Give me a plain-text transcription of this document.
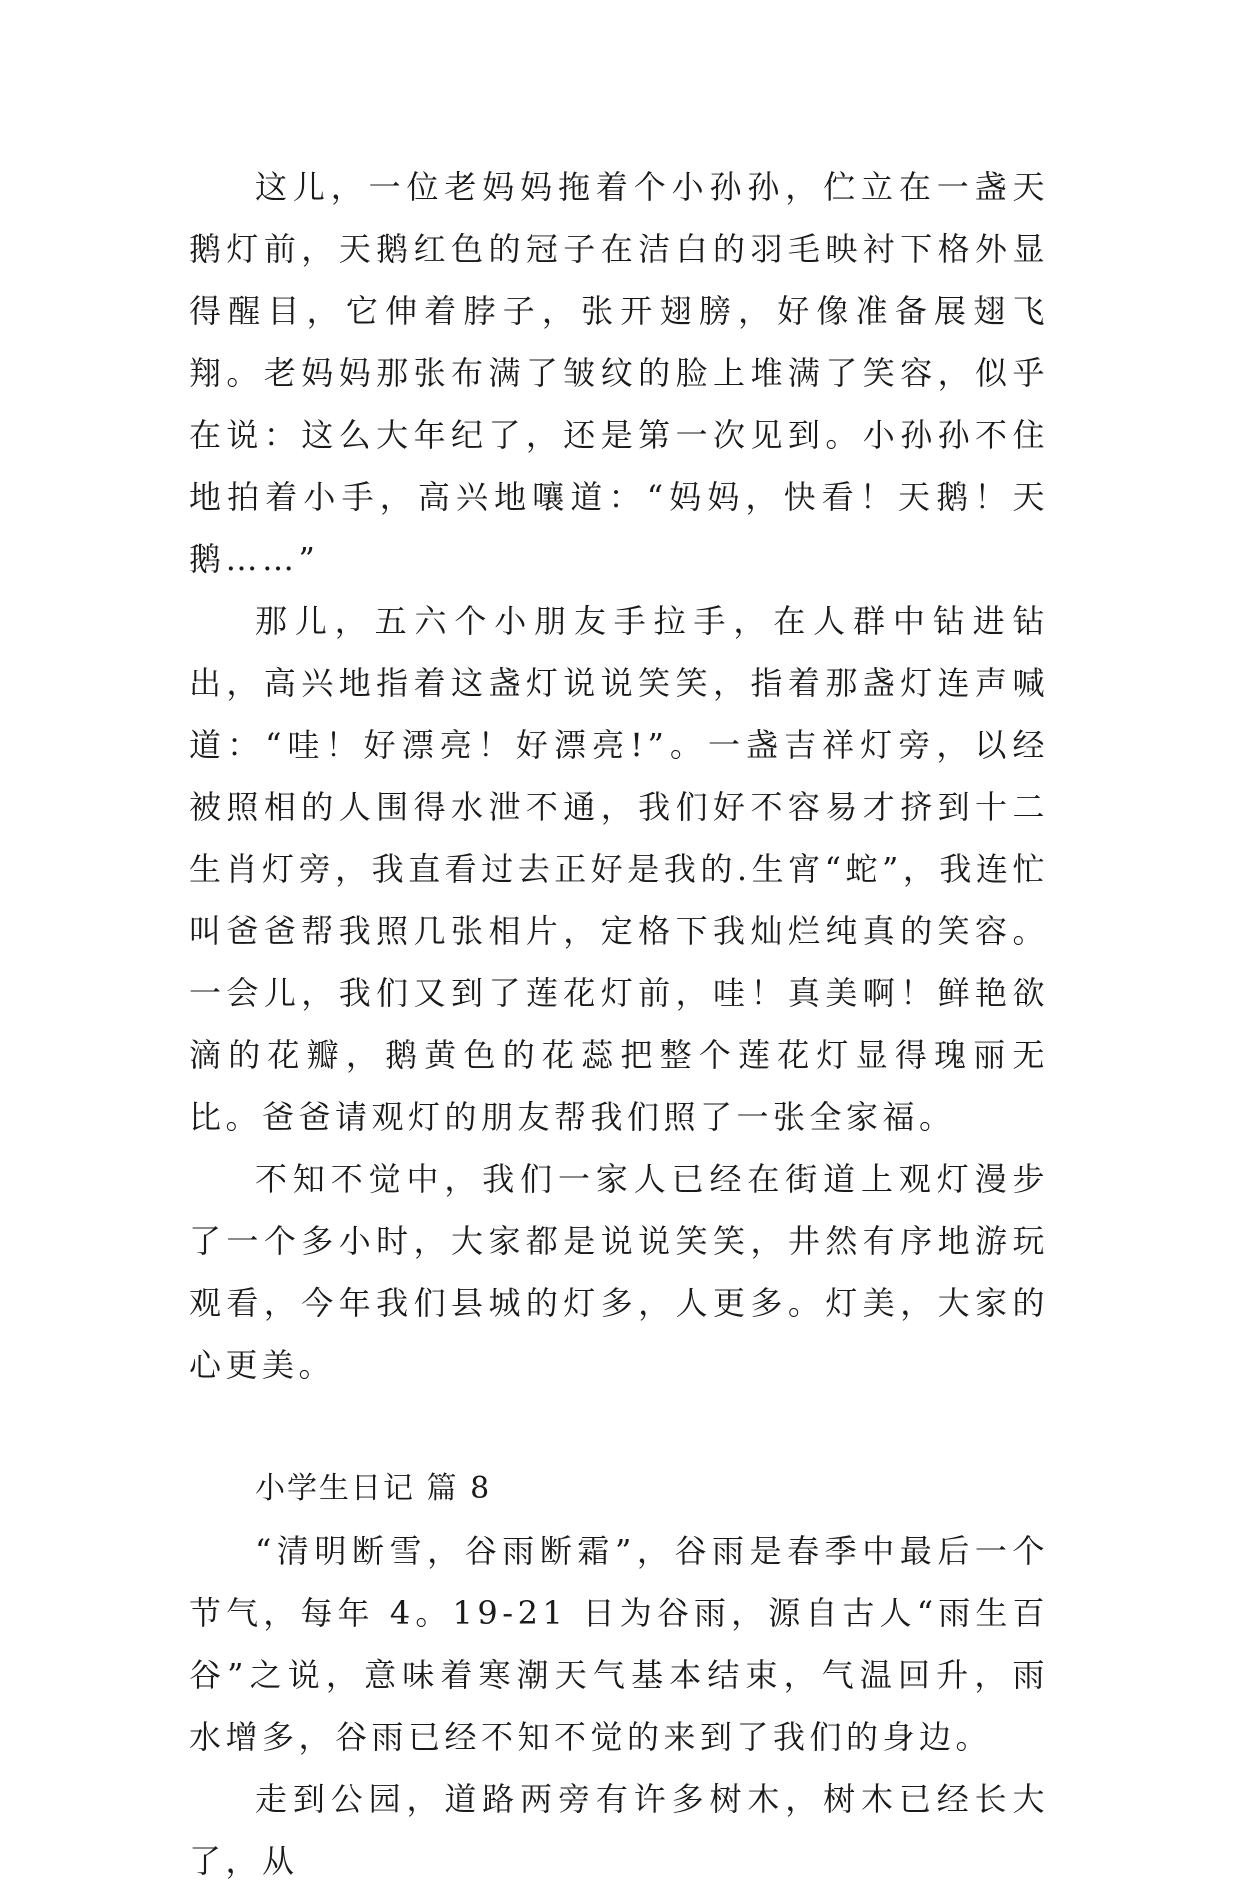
这儿，一位老妈妈拖着个小孙孙，伫立在一盏天鹅灯前，天鹅红色的冠子在洁白的羽毛映衬下格外显得醒目，它伸着脖子，张开翅膀，好像准备展翅飞翔。老妈妈那张布满了皱纹的脸上堆满了笑容，似乎在说：这么大年纪了，还是第一次见到。小孙孙不住地拍着小手，高兴地嚷道：“妈妈，快看！天鹅！天鹅……”

那儿，五六个小朋友手拉手，在人群中钻进钻出，高兴地指着这盏灯说说笑笑，指着那盏灯连声喊道：“哇！好漂亮！好漂亮!”。一盏吉祥灯旁，以经被照相的人围得水泄不通，我们好不容易才挤到十二生肖灯旁，我直看过去正好是我的.生宵“蛇”，我连忙叫爸爸帮我照几张相片，定格下我灿烂纯真的笑容。一会儿，我们又到了莲花灯前，哇！真美啊！鲜艳欲滴的花瓣，鹅黄色的花蕊把整个莲花灯显得瑰丽无比。爸爸请观灯的朋友帮我们照了一张全家福。

不知不觉中，我们一家人已经在街道上观灯漫步了一个多小时，大家都是说说笑笑，井然有序地游玩观看，今年我们县城的灯多，人更多。灯美，大家的心更美。

小学生日记 篇 8

“清明断雪，谷雨断霜”，谷雨是春季中最后一个节气，每年 4。19-21 日为谷雨，源自古人“雨生百谷”之说，意味着寒潮天气基本结束，气温回升，雨水增多，谷雨已经不知不觉的来到了我们的身边。

走到公园，道路两旁有许多树木，树木已经长大了，从
